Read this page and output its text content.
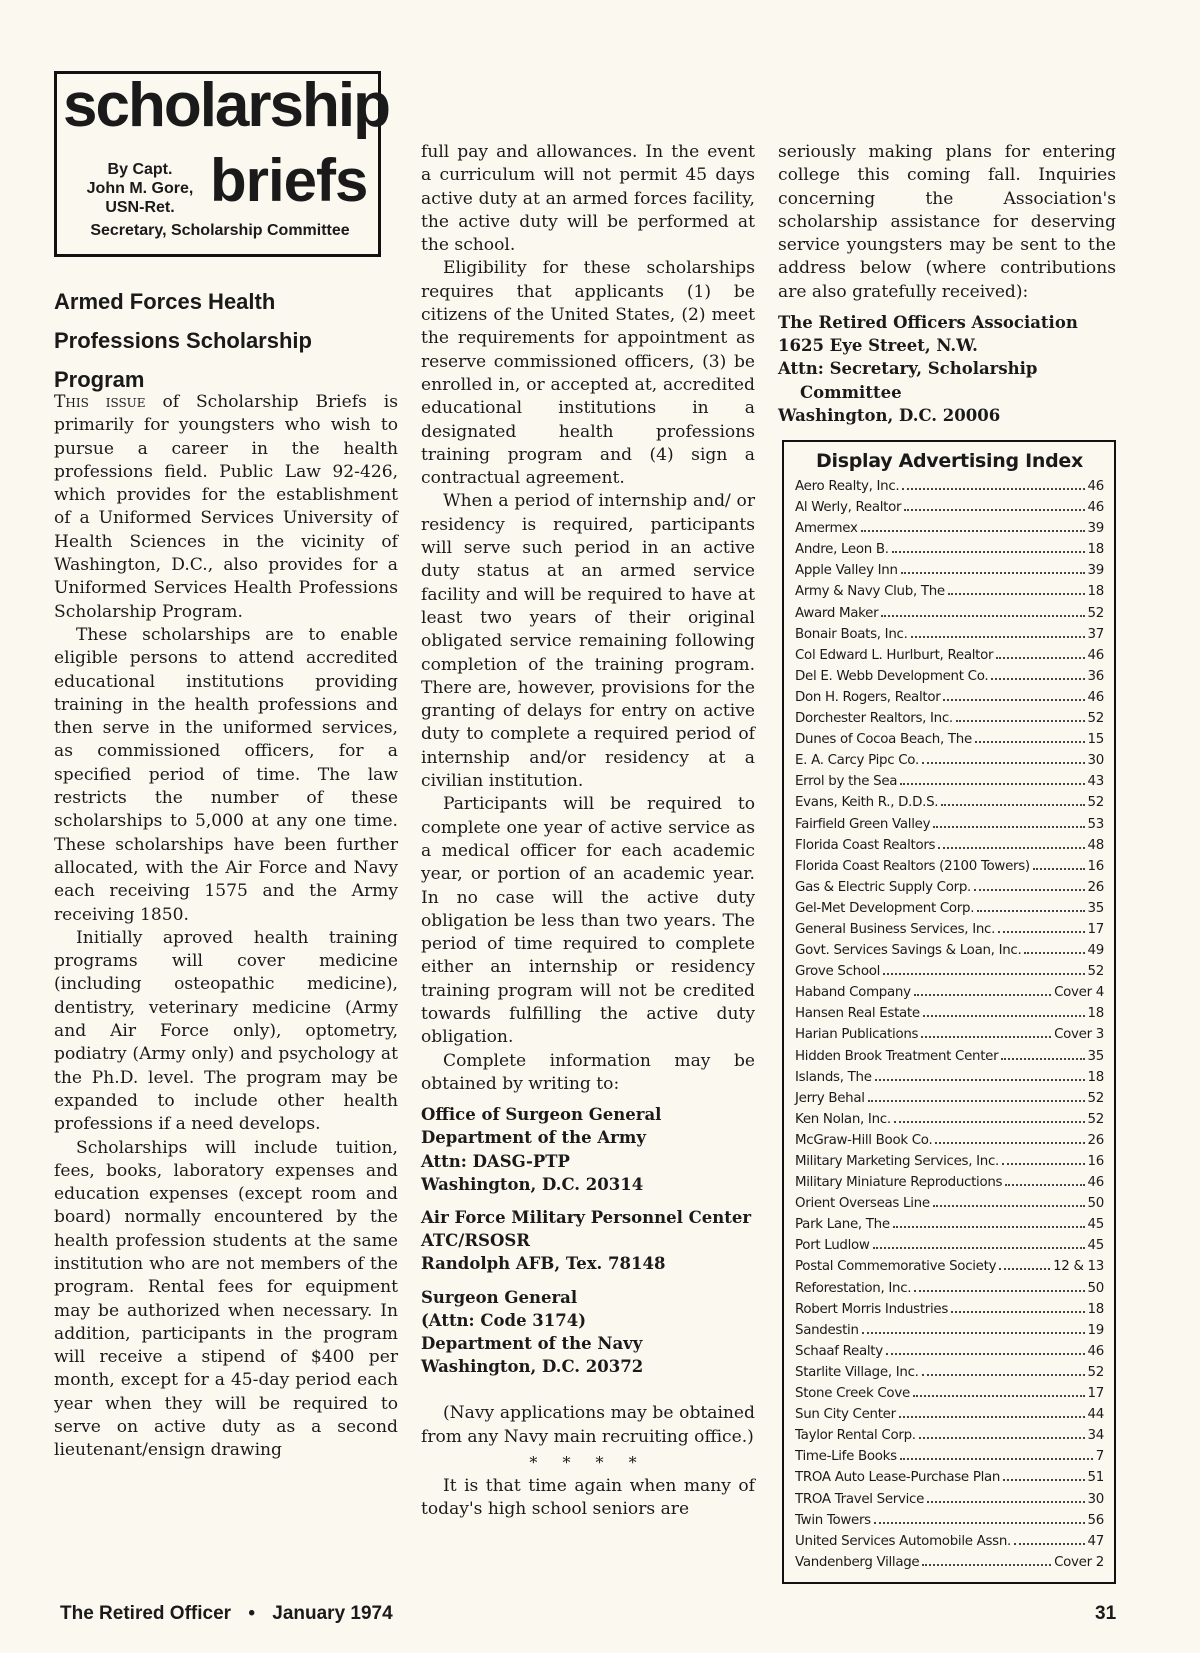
scholarship
By Capt.
John M. Gore,
USN-Ret. briefs
Secretary, Scholarship Committee
Armed Forces Health
Professions Scholarship
Program

This issue of Scholarship Briefs is primarily for youngsters who wish to pursue a career in the health professions field. Public Law 92-426, which provides for the establishment of a Uniformed Services University of Health Sciences in the vicinity of Washington, D.C., also provides for a Uniformed Services Health Professions Scholarship Program.

These scholarships are to enable eligible persons to attend accredited educational institutions providing training in the health professions and then serve in the uniformed services, as commissioned officers, for a specified period of time. The law restricts the number of these scholarships to 5,000 at any one time. These scholarships have been further allocated, with the Air Force and Navy each receiving 1575 and the Army receiving 1850.

Initially aproved health training programs will cover medicine (including osteopathic medicine), dentistry, veterinary medicine (Army and Air Force only), optometry, podiatry (Army only) and psychology at the Ph.D. level. The program may be expanded to include other health professions if a need develops.

Scholarships will include tuition, fees, books, laboratory expenses and education expenses (except room and board) normally encountered by the health profession students at the same institution who are not members of the program. Rental fees for equipment may be authorized when necessary. In addition, participants in the program will receive a stipend of $400 per month, except for a 45-day period each year when they will be required to serve on active duty as a second lieutenant/ensign drawing

full pay and allowances. In the event a curriculum will not permit 45 days active duty at an armed forces facility, the active duty will be performed at the school.

Eligibility for these scholarships requires that applicants (1) be citizens of the United States, (2) meet the requirements for appointment as reserve commissioned officers, (3) be enrolled in, or accepted at, accredited educational institutions in a designated health professions training program and (4) sign a contractual agreement.

When a period of internship and/ or residency is required, participants will serve such period in an active duty status at an armed service facility and will be required to have at least two years of their original obligated service remaining following completion of the training program. There are, however, provisions for the granting of delays for entry on active duty to complete a required period of internship and/or residency at a civilian institution.

Participants will be required to complete one year of active service as a medical officer for each academic year, or portion of an academic year. In no case will the active duty obligation be less than two years. The period of time required to complete either an internship or residency training program will not be credited towards fulfilling the active duty obligation.

Complete information may be obtained by writing to:

Office of Surgeon General
Department of the Army
Attn: DASG-PTP
Washington, D.C. 20314

Air Force Military Personnel Center
ATC/RSOSR
Randolph AFB, Tex. 78148

Surgeon General
(Attn: Code 3174)
Department of the Navy
Washington, D.C. 20372

(Navy applications may be obtained from any Navy main recruiting office.)

* * * *

It is that time again when many of today's high school seniors are

seriously making plans for entering college this coming fall. Inquiries concerning the Association's scholarship assistance for deserving service youngsters may be sent to the address below (where contributions are also gratefully received):

The Retired Officers Association
1625 Eye Street, N.W.
Attn: Secretary, Scholarship
Committee
Washington, D.C. 20006

Display Advertising Index
Aero Realty, Inc.	46
Al Werly, Realtor	46
Amermex	39
Andre, Leon B.	18
Apple Valley Inn	39
Army & Navy Club, The	18
Award Maker	52
Bonair Boats, Inc.	37
Col Edward L. Hurlburt, Realtor	46
Del E. Webb Development Co.	36
Don H. Rogers, Realtor	46
Dorchester Realtors, Inc.	52
Dunes of Cocoa Beach, The	15
E. A. Carcy Pipc Co.	30
Errol by the Sea	43
Evans, Keith R., D.D.S.	52
Fairfield Green Valley	53
Florida Coast Realtors	48
Florida Coast Realtors (2100 Towers)	16
Gas & Electric Supply Corp.	26
Gel-Met Development Corp.	35
General Business Services, Inc.	17
Govt. Services Savings & Loan, Inc.	49
Grove School	52
Haband Company	Cover 4
Hansen Real Estate	18
Harian Publications	Cover 3
Hidden Brook Treatment Center	35
Islands, The	18
Jerry Behal	52
Ken Nolan, Inc.	52
McGraw-Hill Book Co.	26
Military Marketing Services, Inc.	16
Military Miniature Reproductions	46
Orient Overseas Line	50
Park Lane, The	45
Port Ludlow	45
Postal Commemorative Society	12 & 13
Reforestation, Inc.	50
Robert Morris Industries	18
Sandestin	19
Schaaf Realty	46
Starlite Village, Inc.	52
Stone Creek Cove	17
Sun City Center	44
Taylor Rental Corp.	34
Time-Life Books	7
TROA Auto Lease-Purchase Plan	51
TROA Travel Service	30
Twin Towers	56
United Services Automobile Assn.	47
Vandenberg Village	Cover 2
The Retired Officer • January 1974	31
